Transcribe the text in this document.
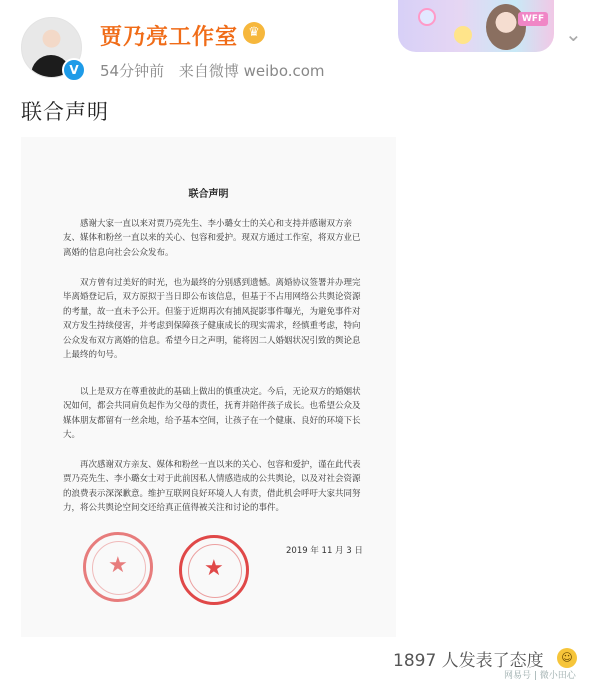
V
贾乃亮工作室 ♛
54分钟前 来自微博 weibo.com
WFF
⌄
联合声明
联合声明
感谢大家一直以来对贾乃亮先生、李小璐女士的关心和支持并感谢双方亲友、媒体和粉丝一直以来的关心、包容和爱护。现双方通过工作室，将双方业已离婚的信息向社会公众发布。
双方曾有过美好的时光，也为最终的分别感到遗憾。离婚协议签署并办理完毕离婚登记后，双方原拟于当日即公布该信息，但基于不占用网络公共舆论资源的考量，故一直未予公开。但鉴于近期再次有捕风捉影事件曝光，为避免事件对双方发生持续侵害，并考虑到保障孩子健康成长的现实需求，经慎重考虑，特向公众发布双方离婚的信息。希望今日之声明，能将因二人婚姻状况引致的舆论息上最终的句号。
以上是双方在尊重彼此的基础上做出的慎重决定。今后，无论双方的婚姻状况如何，都会共同肩负起作为父母的责任，抚育并陪伴孩子成长。也希望公众及媒体朋友都留有一丝余地，给予基本空间，让孩子在一个健康、良好的环境下长大。
再次感谢双方亲友、媒体和粉丝一直以来的关心、包容和爱护，谨在此代表贾乃亮先生、李小璐女士对于此前因私人情感造成的公共舆论，以及对社会资源的浪费表示深深歉意。维护互联网良好环境人人有责，借此机会呼吁大家共同努力，将公共舆论空间交还给真正值得被关注和讨论的事件。
2019 年 11 月 3 日
★	★
1897 人发表了态度	☺
网易号 | 微小田心
